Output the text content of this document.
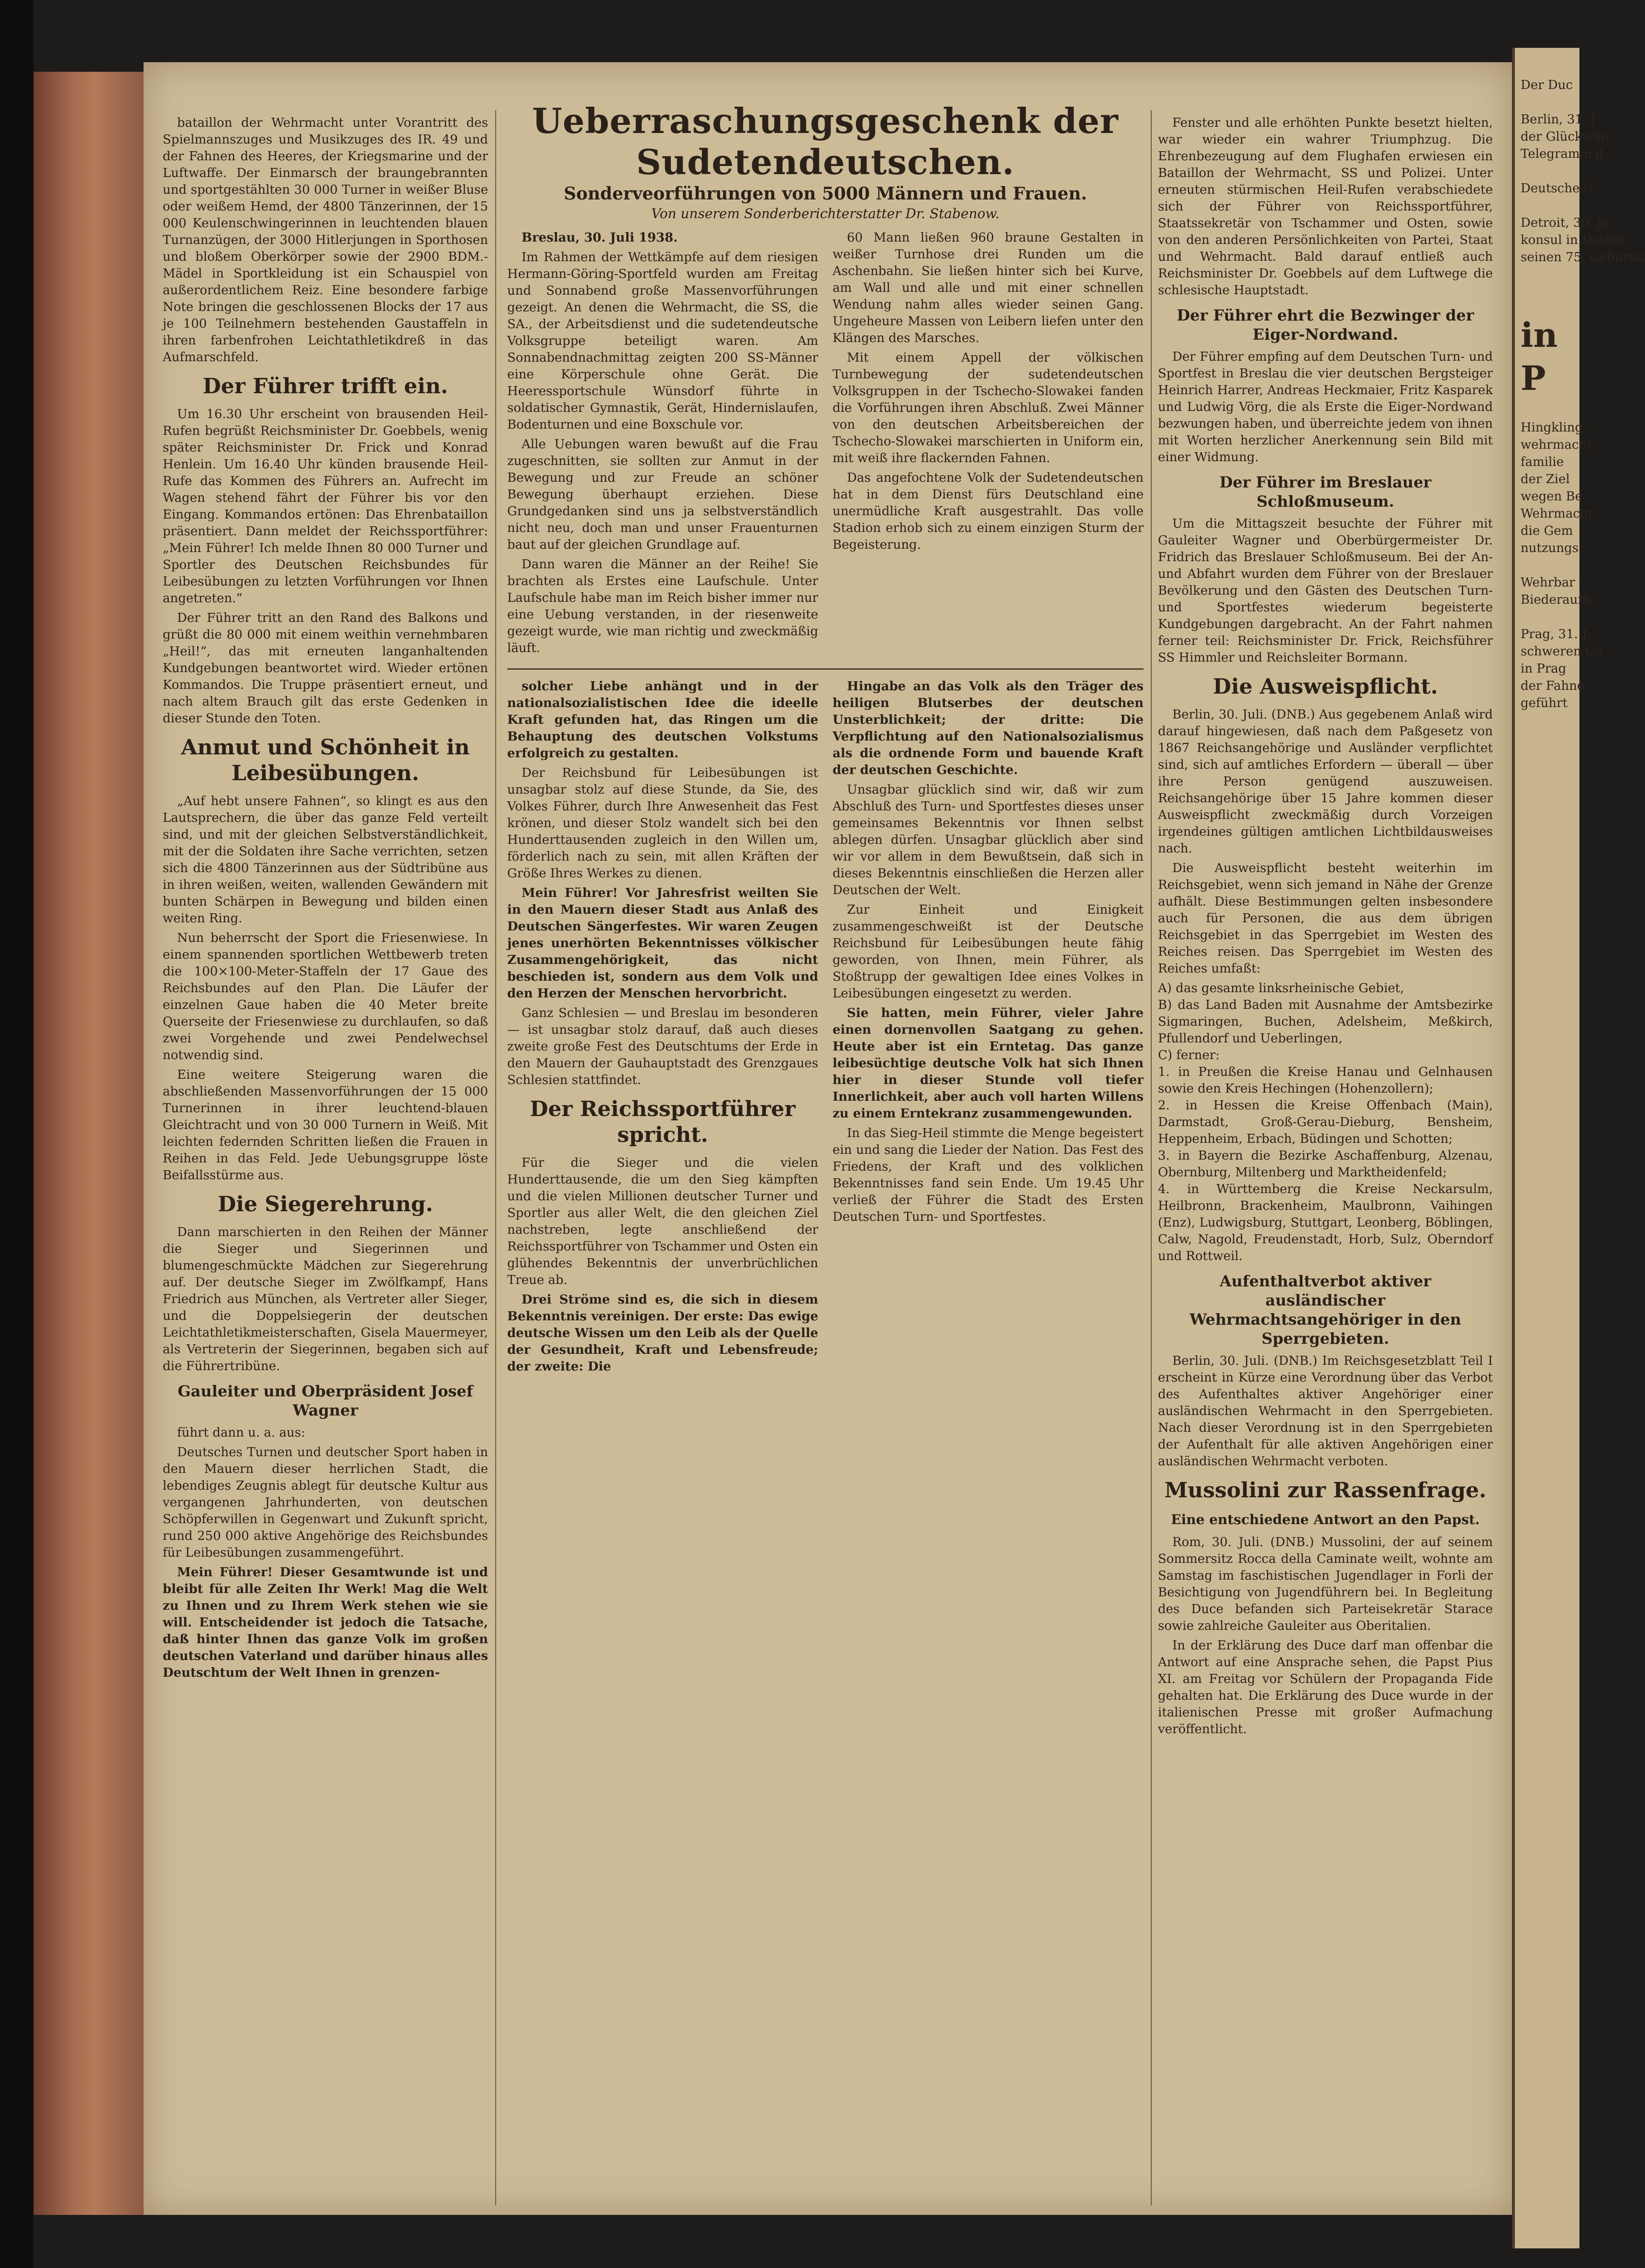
bataillon der Wehrmacht unter Vorantritt des Spielmannszuges und Musikzuges des IR. 49 und der Fahnen des Heeres, der Kriegsmarine und der Luftwaffe. Der Einmarsch der braungebrannten und sportgestählten 30 000 Turner in weißer Bluse oder weißem Hemd, der 4800 Tänzerinnen, der 15 000 Keulenschwingerinnen in leuchtenden blauen Turnanzügen, der 3000 Hitlerjungen in Sporthosen und bloßem Oberkörper sowie der 2900 BDM.-Mädel in Sportkleidung ist ein Schauspiel von außerordentlichem Reiz. Eine besondere farbige Note bringen die geschlossenen Blocks der 17 aus je 100 Teilnehmern bestehenden Gaustaffeln in ihren farbenfrohen Leichtathletikdreß in das Aufmarschfeld.

Der Führer trifft ein.

Um 16.30 Uhr erscheint von brausenden Heil-Rufen begrüßt Reichsminister Dr. Goebbels, wenig später Reichsminister Dr. Frick und Konrad Henlein. Um 16.40 Uhr künden brausende Heil-Rufe das Kommen des Führers an. Aufrecht im Wagen stehend fährt der Führer bis vor den Eingang. Kommandos ertönen: Das Ehrenbataillon präsentiert. Dann meldet der Reichssportführer: „Mein Führer! Ich melde Ihnen 80 000 Turner und Sportler des Deutschen Reichsbundes für Leibesübungen zu letzten Vorführungen vor Ihnen angetreten.“

Der Führer tritt an den Rand des Balkons und grüßt die 80 000 mit einem weithin vernehmbaren „Heil!“, das mit erneuten langanhaltenden Kundgebungen beantwortet wird. Wieder ertönen Kommandos. Die Truppe präsentiert erneut, und nach altem Brauch gilt das erste Gedenken in dieser Stunde den Toten.

Anmut und Schönheit in Leibesübungen.

„Auf hebt unsere Fahnen“, so klingt es aus den Lautsprechern, die über das ganze Feld verteilt sind, und mit der gleichen Selbstverständlichkeit, mit der die Soldaten ihre Sache verrichten, setzen sich die 4800 Tänzerinnen aus der Südtribüne aus in ihren weißen, weiten, wallenden Gewändern mit bunten Schärpen in Bewegung und bilden einen weiten Ring.

Nun beherrscht der Sport die Friesenwiese. In einem spannenden sportlichen Wettbewerb treten die 100×100-Meter-Staffeln der 17 Gaue des Reichsbundes auf den Plan. Die Läufer der einzelnen Gaue haben die 40 Meter breite Querseite der Friesenwiese zu durchlaufen, so daß zwei Vorgehende und zwei Pendelwechsel notwendig sind.

Eine weitere Steigerung waren die abschließenden Massenvorführungen der 15 000 Turnerinnen in ihrer leuchtend-blauen Gleichtracht und von 30 000 Turnern in Weiß. Mit leichten federnden Schritten ließen die Frauen in Reihen in das Feld. Jede Uebungsgruppe löste Beifallsstürme aus.

Die Siegerehrung.

Dann marschierten in den Reihen der Männer die Sieger und Siegerinnen und blumengeschmückte Mädchen zur Siegerehrung auf. Der deutsche Sieger im Zwölfkampf, Hans Friedrich aus München, als Vertreter aller Sieger, und die Doppelsiegerin der deutschen Leichtathletikmeisterschaften, Gisela Mauermeyer, als Vertreterin der Siegerinnen, begaben sich auf die Führertribüne.

Gauleiter und Oberpräsident Josef Wagner

führt dann u. a. aus:

Deutsches Turnen und deutscher Sport haben in den Mauern dieser herrlichen Stadt, die lebendiges Zeugnis ablegt für deutsche Kultur aus vergangenen Jahrhunderten, von deutschen Schöpferwillen in Gegenwart und Zukunft spricht, rund 250 000 aktive Angehörige des Reichsbundes für Leibesübungen zusammengeführt.

Mein Führer! Dieser Gesamtwunde ist und bleibt für alle Zeiten Ihr Werk! Mag die Welt zu Ihnen und zu Ihrem Werk stehen wie sie will. Entscheidender ist jedoch die Tatsache, daß hinter Ihnen das ganze Volk im großen deutschen Vaterland und darüber hinaus alles Deutschtum der Welt Ihnen in grenzen-

Ueberraschungsgeschenk der Sudetendeutschen.
Sonderveorführungen von 5000 Männern und Frauen.
Von unserem Sonderberichterstatter Dr. Stabenow.

Breslau, 30. Juli 1938.

Im Rahmen der Wettkämpfe auf dem riesigen Hermann-Göring-Sportfeld wurden am Freitag und Sonnabend große Massenvorführungen gezeigt. An denen die Wehrmacht, die SS, die SA., der Arbeitsdienst und die sudetendeutsche Volksgruppe beteiligt waren. Am Sonnabendnachmittag zeigten 200 SS-Männer eine Körperschule ohne Gerät. Die Heeressportschule Wünsdorf führte in soldatischer Gymnastik, Gerät, Hindernislaufen, Bodenturnen und eine Boxschule vor.

Alle Uebungen waren bewußt auf die Frau zugeschnitten, sie sollten zur Anmut in der Bewegung und zur Freude an schöner Bewegung überhaupt erziehen. Diese Grundgedanken sind uns ja selbstverständlich nicht neu, doch man und unser Frauenturnen baut auf der gleichen Grundlage auf.

Dann waren die Männer an der Reihe! Sie brachten als Erstes eine Laufschule. Unter Laufschule habe man im Reich bisher immer nur eine Uebung verstanden, in der riesenweite gezeigt wurde, wie man richtig und zweckmäßig läuft.

60 Mann ließen 960 braune Gestalten in weißer Turnhose drei Runden um die Aschenbahn. Sie ließen hinter sich bei Kurve, am Wall und alle und mit einer schnellen Wendung nahm alles wieder seinen Gang. Ungeheure Massen von Leibern liefen unter den Klängen des Marsches.

Mit einem Appell der völkischen Turnbewegung der sudetendeutschen Volksgruppen in der Tschecho-Slowakei fanden die Vorführungen ihren Abschluß. Zwei Männer von den deutschen Arbeitsbereichen der Tschecho-Slowakei marschierten in Uniform ein, mit weiß ihre flackernden Fahnen.

Das angefochtene Volk der Sudetendeutschen hat in dem Dienst fürs Deutschland eine unermüdliche Kraft ausgestrahlt. Das volle Stadion erhob sich zu einem einzigen Sturm der Begeisterung.

solcher Liebe anhängt und in der nationalsozialistischen Idee die ideelle Kraft gefunden hat, das Ringen um die Behauptung des deutschen Volkstums erfolgreich zu gestalten.

Der Reichsbund für Leibesübungen ist unsagbar stolz auf diese Stunde, da Sie, des Volkes Führer, durch Ihre Anwesenheit das Fest krönen, und dieser Stolz wandelt sich bei den Hunderttausenden zugleich in den Willen um, förderlich nach zu sein, mit allen Kräften der Größe Ihres Werkes zu dienen.

Mein Führer! Vor Jahresfrist weilten Sie in den Mauern dieser Stadt aus Anlaß des Deutschen Sängerfestes. Wir waren Zeugen jenes unerhörten Bekenntnisses völkischer Zusammengehörigkeit, das nicht beschieden ist, sondern aus dem Volk und den Herzen der Menschen hervorbricht.

Ganz Schlesien — und Breslau im besonderen — ist unsagbar stolz darauf, daß auch dieses zweite große Fest des Deutschtums der Erde in den Mauern der Gauhauptstadt des Grenzgaues Schlesien stattfindet.

Der Reichssportführer spricht.

Für die Sieger und die vielen Hunderttausende, die um den Sieg kämpften und die vielen Millionen deutscher Turner und Sportler aus aller Welt, die den gleichen Ziel nachstreben, legte anschließend der Reichssportführer von Tschammer und Osten ein glühendes Bekenntnis der unverbrüchlichen Treue ab.

Drei Ströme sind es, die sich in diesem Bekenntnis vereinigen. Der erste: Das ewige deutsche Wissen um den Leib als der Quelle der Gesundheit, Kraft und Lebensfreude; der zweite: Die

Hingabe an das Volk als den Träger des heiligen Blutserbes der deutschen Unsterblichkeit; der dritte: Die Verpflichtung auf den Nationalsozialismus als die ordnende Form und bauende Kraft der deutschen Geschichte.

Unsagbar glücklich sind wir, daß wir zum Abschluß des Turn- und Sportfestes dieses unser gemeinsames Bekenntnis vor Ihnen selbst ablegen dürfen. Unsagbar glücklich aber sind wir vor allem in dem Bewußtsein, daß sich in dieses Bekenntnis einschließen die Herzen aller Deutschen der Welt.

Zur Einheit und Einigkeit zusammengeschweißt ist der Deutsche Reichsbund für Leibesübungen heute fähig geworden, von Ihnen, mein Führer, als Stoßtrupp der gewaltigen Idee eines Volkes in Leibesübungen eingesetzt zu werden.

Sie hatten, mein Führer, vieler Jahre einen dornenvollen Saatgang zu gehen. Heute aber ist ein Erntetag. Das ganze leibesüchtige deutsche Volk hat sich Ihnen hier in dieser Stunde voll tiefer Innerlichkeit, aber auch voll harten Willens zu einem Erntekranz zusammengewunden.

In das Sieg-Heil stimmte die Menge begeistert ein und sang die Lieder der Nation. Das Fest des Friedens, der Kraft und des volklichen Bekenntnisses fand sein Ende. Um 19.45 Uhr verließ der Führer die Stadt des Ersten Deutschen Turn- und Sportfestes.

Fenster und alle erhöhten Punkte besetzt hielten, war wieder ein wahrer Triumphzug. Die Ehrenbezeugung auf dem Flughafen erwiesen ein Bataillon der Wehrmacht, SS und Polizei. Unter erneuten stürmischen Heil-Rufen verabschiedete sich der Führer von Reichssportführer, Staatssekretär von Tschammer und Osten, sowie von den anderen Persönlichkeiten von Partei, Staat und Wehrmacht. Bald darauf entließ auch Reichsminister Dr. Goebbels auf dem Luftwege die schlesische Hauptstadt.

Der Führer ehrt die Bezwinger der Eiger-Nordwand.

Der Führer empfing auf dem Deutschen Turn- und Sportfest in Breslau die vier deutschen Bergsteiger Heinrich Harrer, Andreas Heckmaier, Fritz Kasparek und Ludwig Vörg, die als Erste die Eiger-Nordwand bezwungen haben, und überreichte jedem von ihnen mit Worten herzlicher Anerkennung sein Bild mit einer Widmung.

Der Führer im Breslauer Schloßmuseum.

Um die Mittagszeit besuchte der Führer mit Gauleiter Wagner und Oberbürgermeister Dr. Fridrich das Breslauer Schloßmuseum. Bei der An- und Abfahrt wurden dem Führer von der Breslauer Bevölkerung und den Gästen des Deutschen Turn- und Sportfestes wiederum begeisterte Kundgebungen dargebracht. An der Fahrt nahmen ferner teil: Reichsminister Dr. Frick, Reichsführer SS Himmler und Reichsleiter Bormann.

Die Ausweispflicht.

Berlin, 30. Juli. (DNB.) Aus gegebenem Anlaß wird darauf hingewiesen, daß nach dem Paßgesetz von 1867 Reichsangehörige und Ausländer verpflichtet sind, sich auf amtliches Erfordern — überall — über ihre Person genügend auszuweisen. Reichsangehörige über 15 Jahre kommen dieser Ausweispflicht zweckmäßig durch Vorzeigen irgendeines gültigen amtlichen Lichtbildausweises nach.

Die Ausweispflicht besteht weiterhin im Reichsgebiet, wenn sich jemand in Nähe der Grenze aufhält. Diese Bestimmungen gelten insbesondere auch für Personen, die aus dem übrigen Reichsgebiet in das Sperrgebiet im Westen des Reiches reisen. Das Sperrgebiet im Westen des Reiches umfaßt:

A) das gesamte linksrheinische Gebiet,
B) das Land Baden mit Ausnahme der Amtsbezirke Sigmaringen, Buchen, Adelsheim, Meßkirch, Pfullendorf und Ueberlingen,
C) ferner:
1. in Preußen die Kreise Hanau und Gelnhausen sowie den Kreis Hechingen (Hohenzollern);
2. in Hessen die Kreise Offenbach (Main), Darmstadt, Groß-Gerau-Dieburg, Bensheim, Heppenheim, Erbach, Büdingen und Schotten;
3. in Bayern die Bezirke Aschaffenburg, Alzenau, Obernburg, Miltenberg und Marktheidenfeld;
4. in Württemberg die Kreise Neckarsulm, Heilbronn, Brackenheim, Maulbronn, Vaihingen (Enz), Ludwigsburg, Stuttgart, Leonberg, Böblingen, Calw, Nagold, Freudenstadt, Horb, Sulz, Oberndorf und Rottweil.

Aufenthaltverbot aktiver ausländischer Wehrmachtsangehöriger in den Sperrgebieten.

Berlin, 30. Juli. (DNB.) Im Reichsgesetzblatt Teil I erscheint in Kürze eine Verordnung über das Verbot des Aufenthaltes aktiver Angehöriger einer ausländischen Wehrmacht in den Sperrgebieten. Nach dieser Verordnung ist in den Sperrgebieten der Aufenthalt für alle aktiven Angehörigen einer ausländischen Wehrmacht verboten.

Mussolini zur Rassenfrage.
Eine entschiedene Antwort an den Papst.

Rom, 30. Juli. (DNB.) Mussolini, der auf seinem Sommersitz Rocca della Caminate weilt, wohnte am Samstag im faschistischen Jugendlager in Forli der Besichtigung von Jugendführern bei. In Begleitung des Duce befanden sich Parteisekretär Starace sowie zahlreiche Gauleiter aus Oberitalien.

In der Erklärung des Duce darf man offenbar die Antwort auf eine Ansprache sehen, die Papst Pius XI. am Freitag vor Schülern der Propaganda Fide gehalten hat. Die Erklärung des Duce wurde in der italienischen Presse mit großer Aufmachung veröffentlicht.

Der Duc

Berlin, 31. J
der Glückwün
Telegramm d

Deutsche G

Detroit, 30. Ju
konsul in Detroit
seinen 75. Geburtst
in
P
Hingkling,
wehrmacht
familie
der Ziel
wegen Be
Wehrmacht
die Gem
nutzungs

Wehrbar
Biederaufn

Prag, 31. J
schweren Ga
in Prag
der Fahne
geführt
